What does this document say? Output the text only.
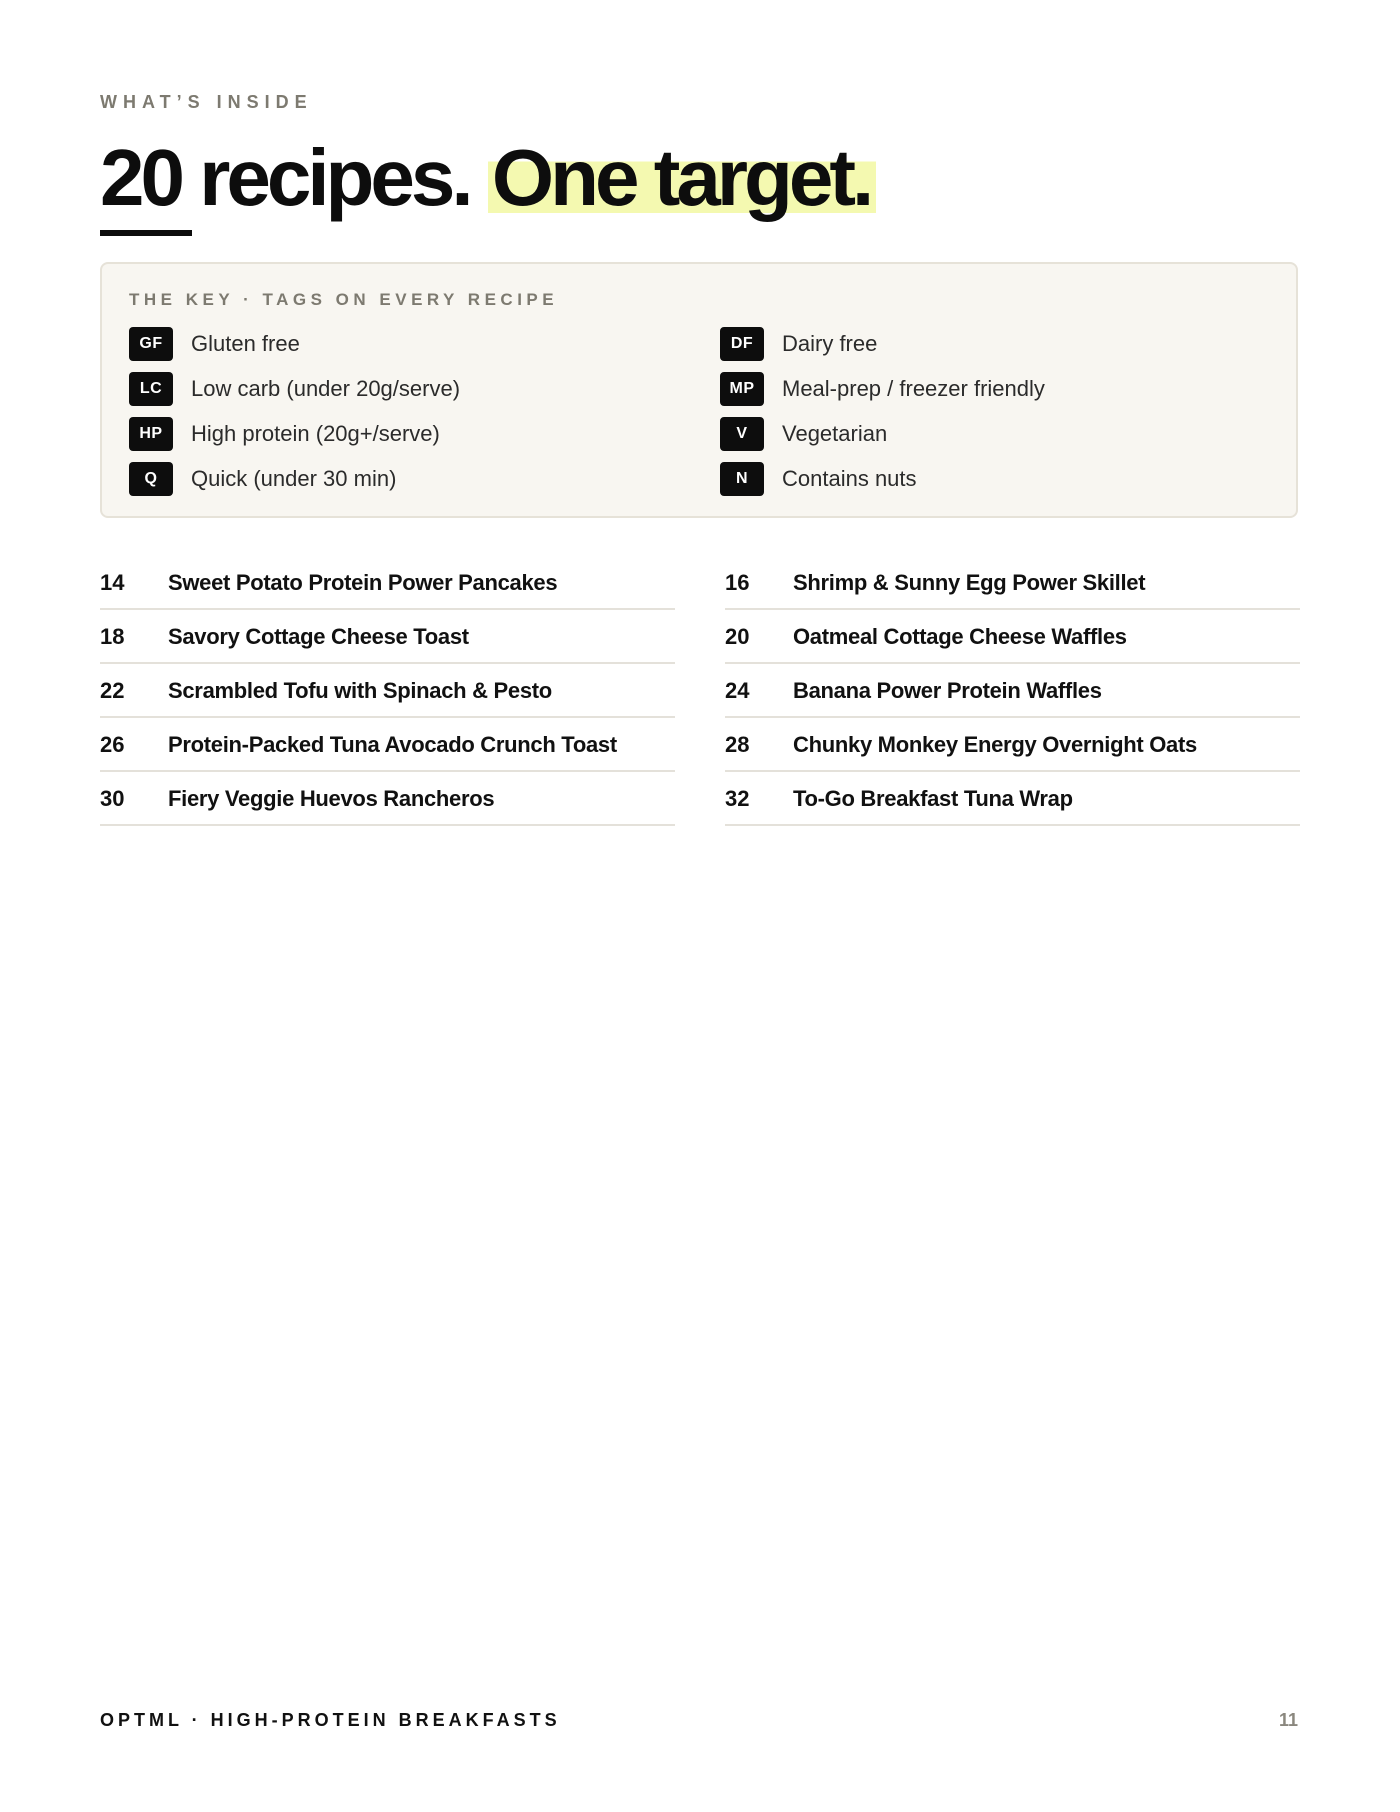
WHAT’S INSIDE
20
recipes. One target.
THE KEY · TAGS ON EVERY RECIPE
GF	Gluten free
LC	Low carb (under 20g/serve)
HP	High protein (20g+/serve)
Q	Quick (under 30 min)
DF	Dairy free
MP	Meal-prep / freezer friendly
V	Vegetarian
N	Contains nuts
14	Sweet Potato Protein Power Pancakes
18	Savory Cottage Cheese Toast
22	Scrambled Tofu with Spinach & Pesto
26	Protein-Packed Tuna Avocado Crunch Toast
30	Fiery Veggie Huevos Rancheros
16	Shrimp & Sunny Egg Power Skillet
20	Oatmeal Cottage Cheese Waffles
24	Banana Power Protein Waffles
28	Chunky Monkey Energy Overnight Oats
32	To-Go Breakfast Tuna Wrap
OPTML · HIGH-PROTEIN BREAKFASTS	11
